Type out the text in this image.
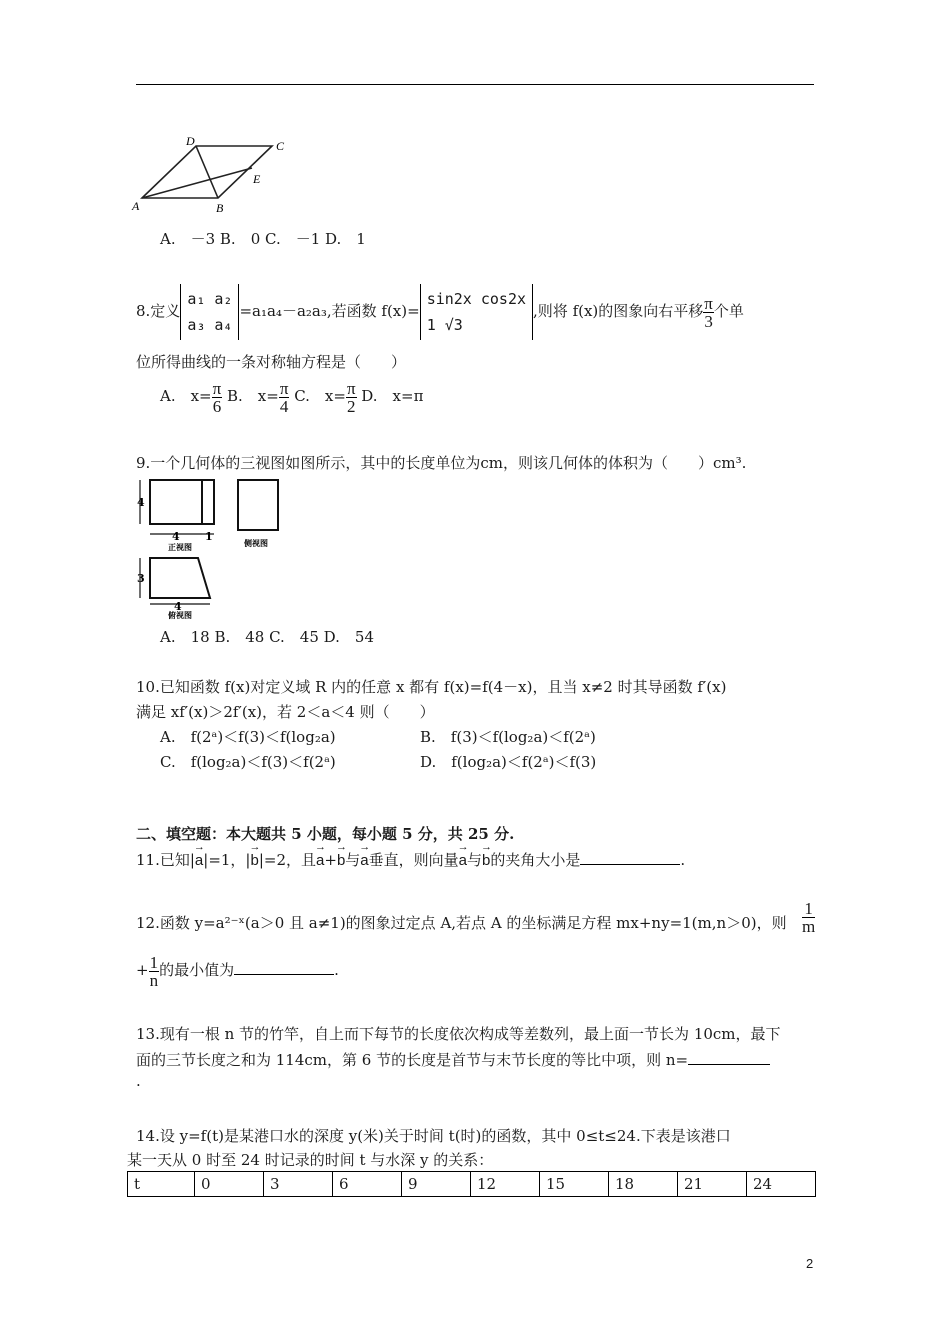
A	B
D	C
E
A.　－3 B.　0 C.　－1 D.　1
8.定义
a₁ a₂
a₃ a₄
=a₁a₄－a₂a₃,若函数 f(x)=
sin2x cos2x
1 √3
,则将 f(x)的图象向右平移 $\frac{\pi}{3}$ 个单
位所得曲线的一条对称轴方程是（　　）
A.　$x= \frac{\pi}{6} B$.　$x= \frac{\pi}{4} C$.　$x= \frac{\pi}{2} D$.　x=π
9.一个几何体的三视图如图所示，其中的长度单位为cm，则该几何体的体积为（　　）cm³.
4
4 1
3
4
正视图	侧视图
俯视图
A.　18 B.　48 C.　45 D.　54
10.已知函数 f(x)对定义域 R 内的任意 x 都有 f(x)=f(4－x)，且当 x≠2 时其导函数 f′(x)
满足 xf′(x)＞2f′(x)，若 2＜a＜4 则（　　）
A.　f(2ᵃ)＜f(3)＜f(log₂a)	B.　f(3)＜f(log₂a)＜f(2ᵃ)
C.　f(log₂a)＜f(3)＜f(2ᵃ)	D.　f(log₂a)＜f(2ᵃ)＜f(3)
二、填空题：本大题共 5 小题，每小题 5 分，共 25 分.
11.已知|→ a|=1，|→ b|=2，且→ a+→ b与→ a垂直，则向量→ a与→ b的夹角大小是	.
12.函数 y=a²⁻ˣ(a＞0 且 a≠1)的图象过定点 A,若点 A 的坐标满足方程 mx+ny=1(m,n＞0)，则 $\frac{1}{m}$
+ $\frac{1}{n}$ 的最小值为	.
13.现有一根 n 节的竹竿，自上而下每节的长度依次构成等差数列，最上面一节长为 10cm，最下
面的三节长度之和为 114cm，第 6 节的长度是首节与末节长度的等比中项，则 n=
.
14.设 y=f(t)是某港口水的深度 y(米)关于时间 t(时)的函数，其中 0≤t≤24.下表是该港口
某一天从 0 时至 24 时记录的时间 t 与水深 y 的关系：
t	0	3	6	9	12	15	18	21	24
2
